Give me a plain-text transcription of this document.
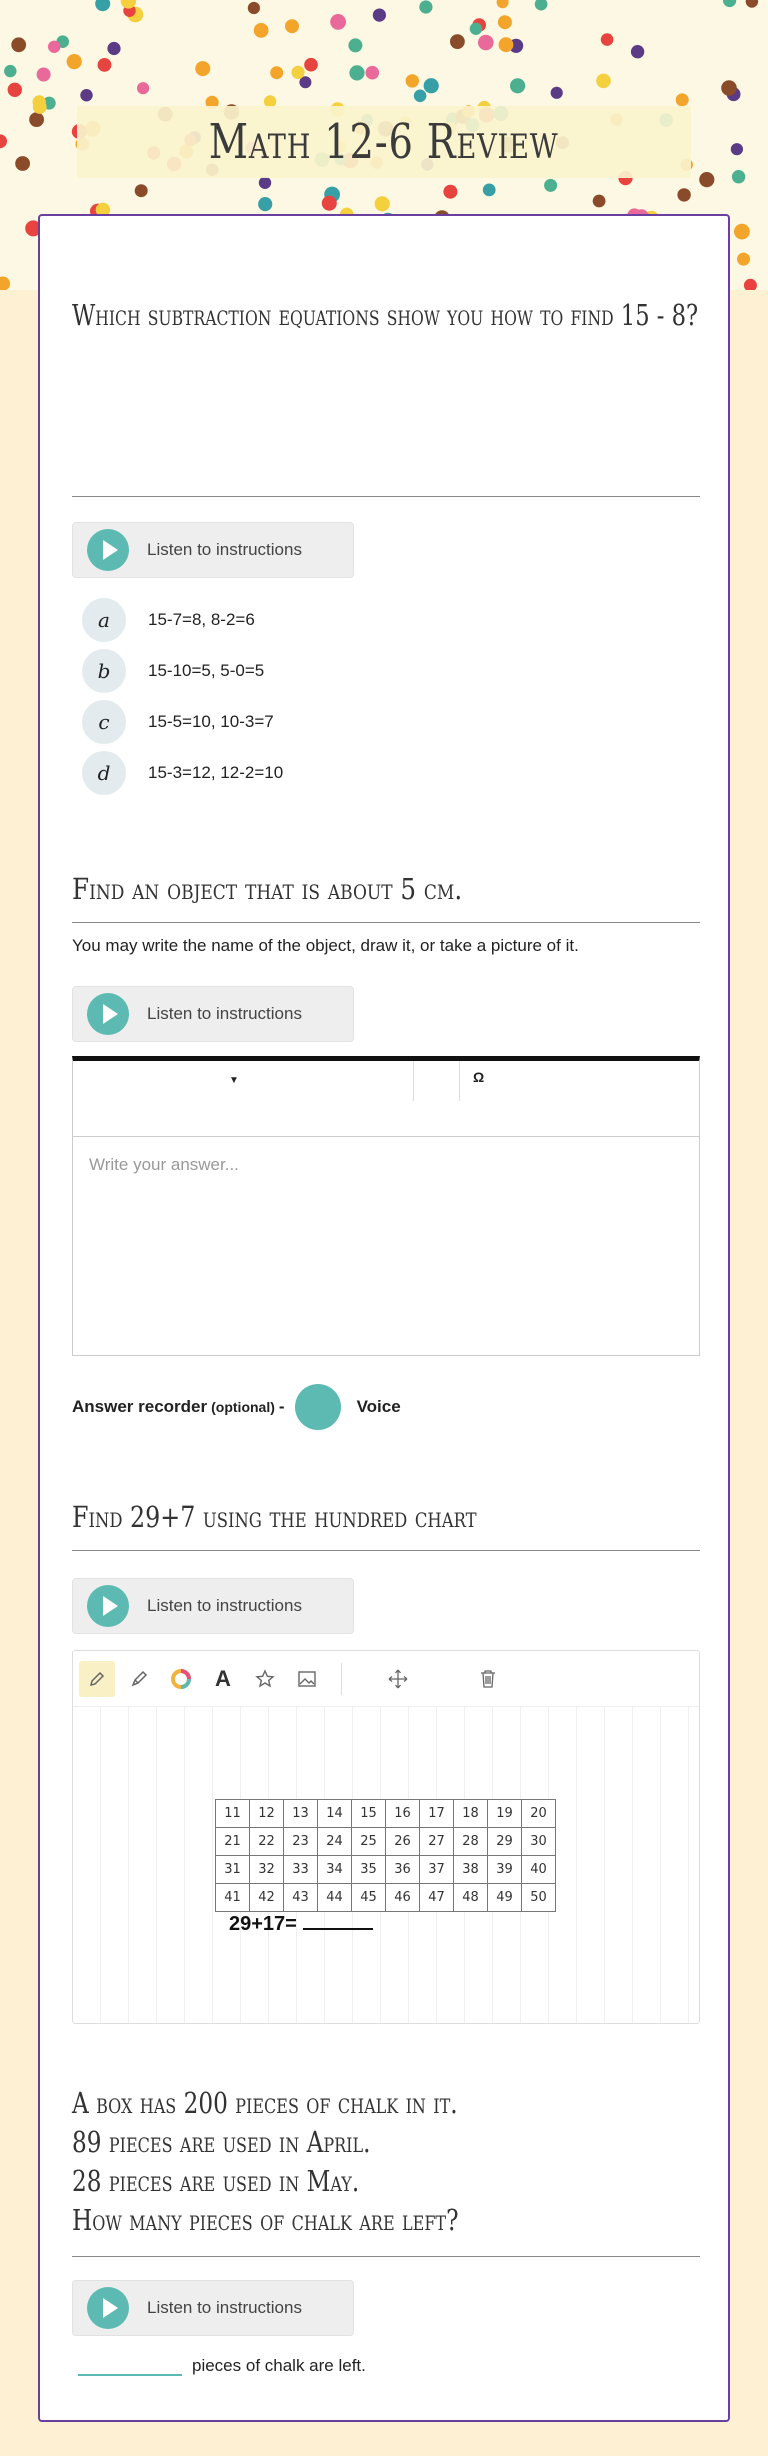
Math 12-6 Review
Which subtraction equations show you how to find 15 - 8?
Listen to instructions
a	15-7=8, 8-2=6
b	15-10=5, 5-0=5
c	15-5=10, 10-3=7
d	15-3=12, 12-2=10
Find an object that is about 5 cm.
You may write the name of the object, draw it, or take a picture of it.
Listen to instructions
▼	Ω
Write your answer...
Answer recorder (optional) -	Voice
Find 29+7 using the hundred chart
Listen to instructions
A
11	12	13	14	15	16	17	18	19	20
21	22	23	24	25	26	27	28	29	30
31	32	33	34	35	36	37	38	39	40
41	42	43	44	45	46	47	48	49	50
29+17=
A box has 200 pieces of chalk in it.
89 pieces are used in April.
28 pieces are used in May.
How many pieces of chalk are left?
Listen to instructions
pieces of chalk are left.
